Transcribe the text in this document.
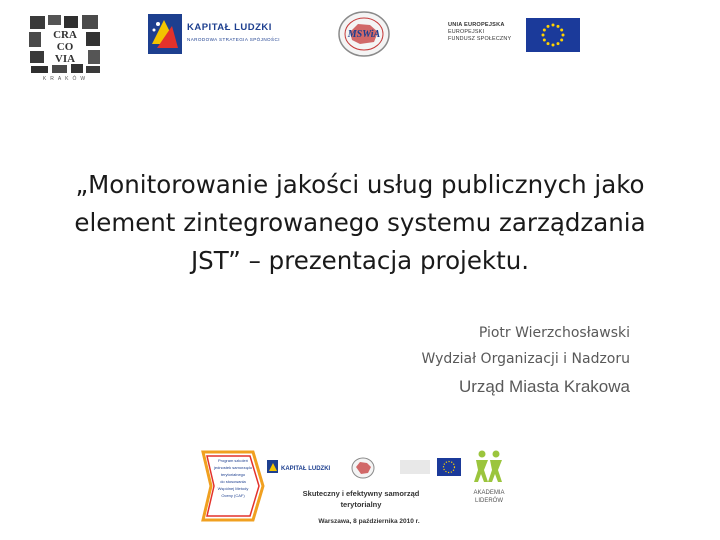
CRA
CO
VIA
KRAKÓW
KAPITAŁ LUDZKI
NARODOWA STRATEGIA SPÓJNOŚCI	MSWiA
UNIA EUROPEJSKA
EUROPEJSKI
FUNDUSZ SPOŁECZNY
„Monitorowanie jakości usług publicznych jako
element zintegrowanego systemu zarządzania
JST” – prezentacja projektu.
Piotr Wierzchosławski
Wydział Organizacji i Nadzoru
Urząd Miasta Krakowa
Program szkoleń
jednostek samorządu
terytorialnego
do stosowania
Wspólnej Metody
Oceny (CAF)
KAPITAŁ LUDZKI
Skuteczny i efektywny samorząd
terytorialny
Warszawa, 8 października 2010 r.
AKADEMIA
LIDERÓW
